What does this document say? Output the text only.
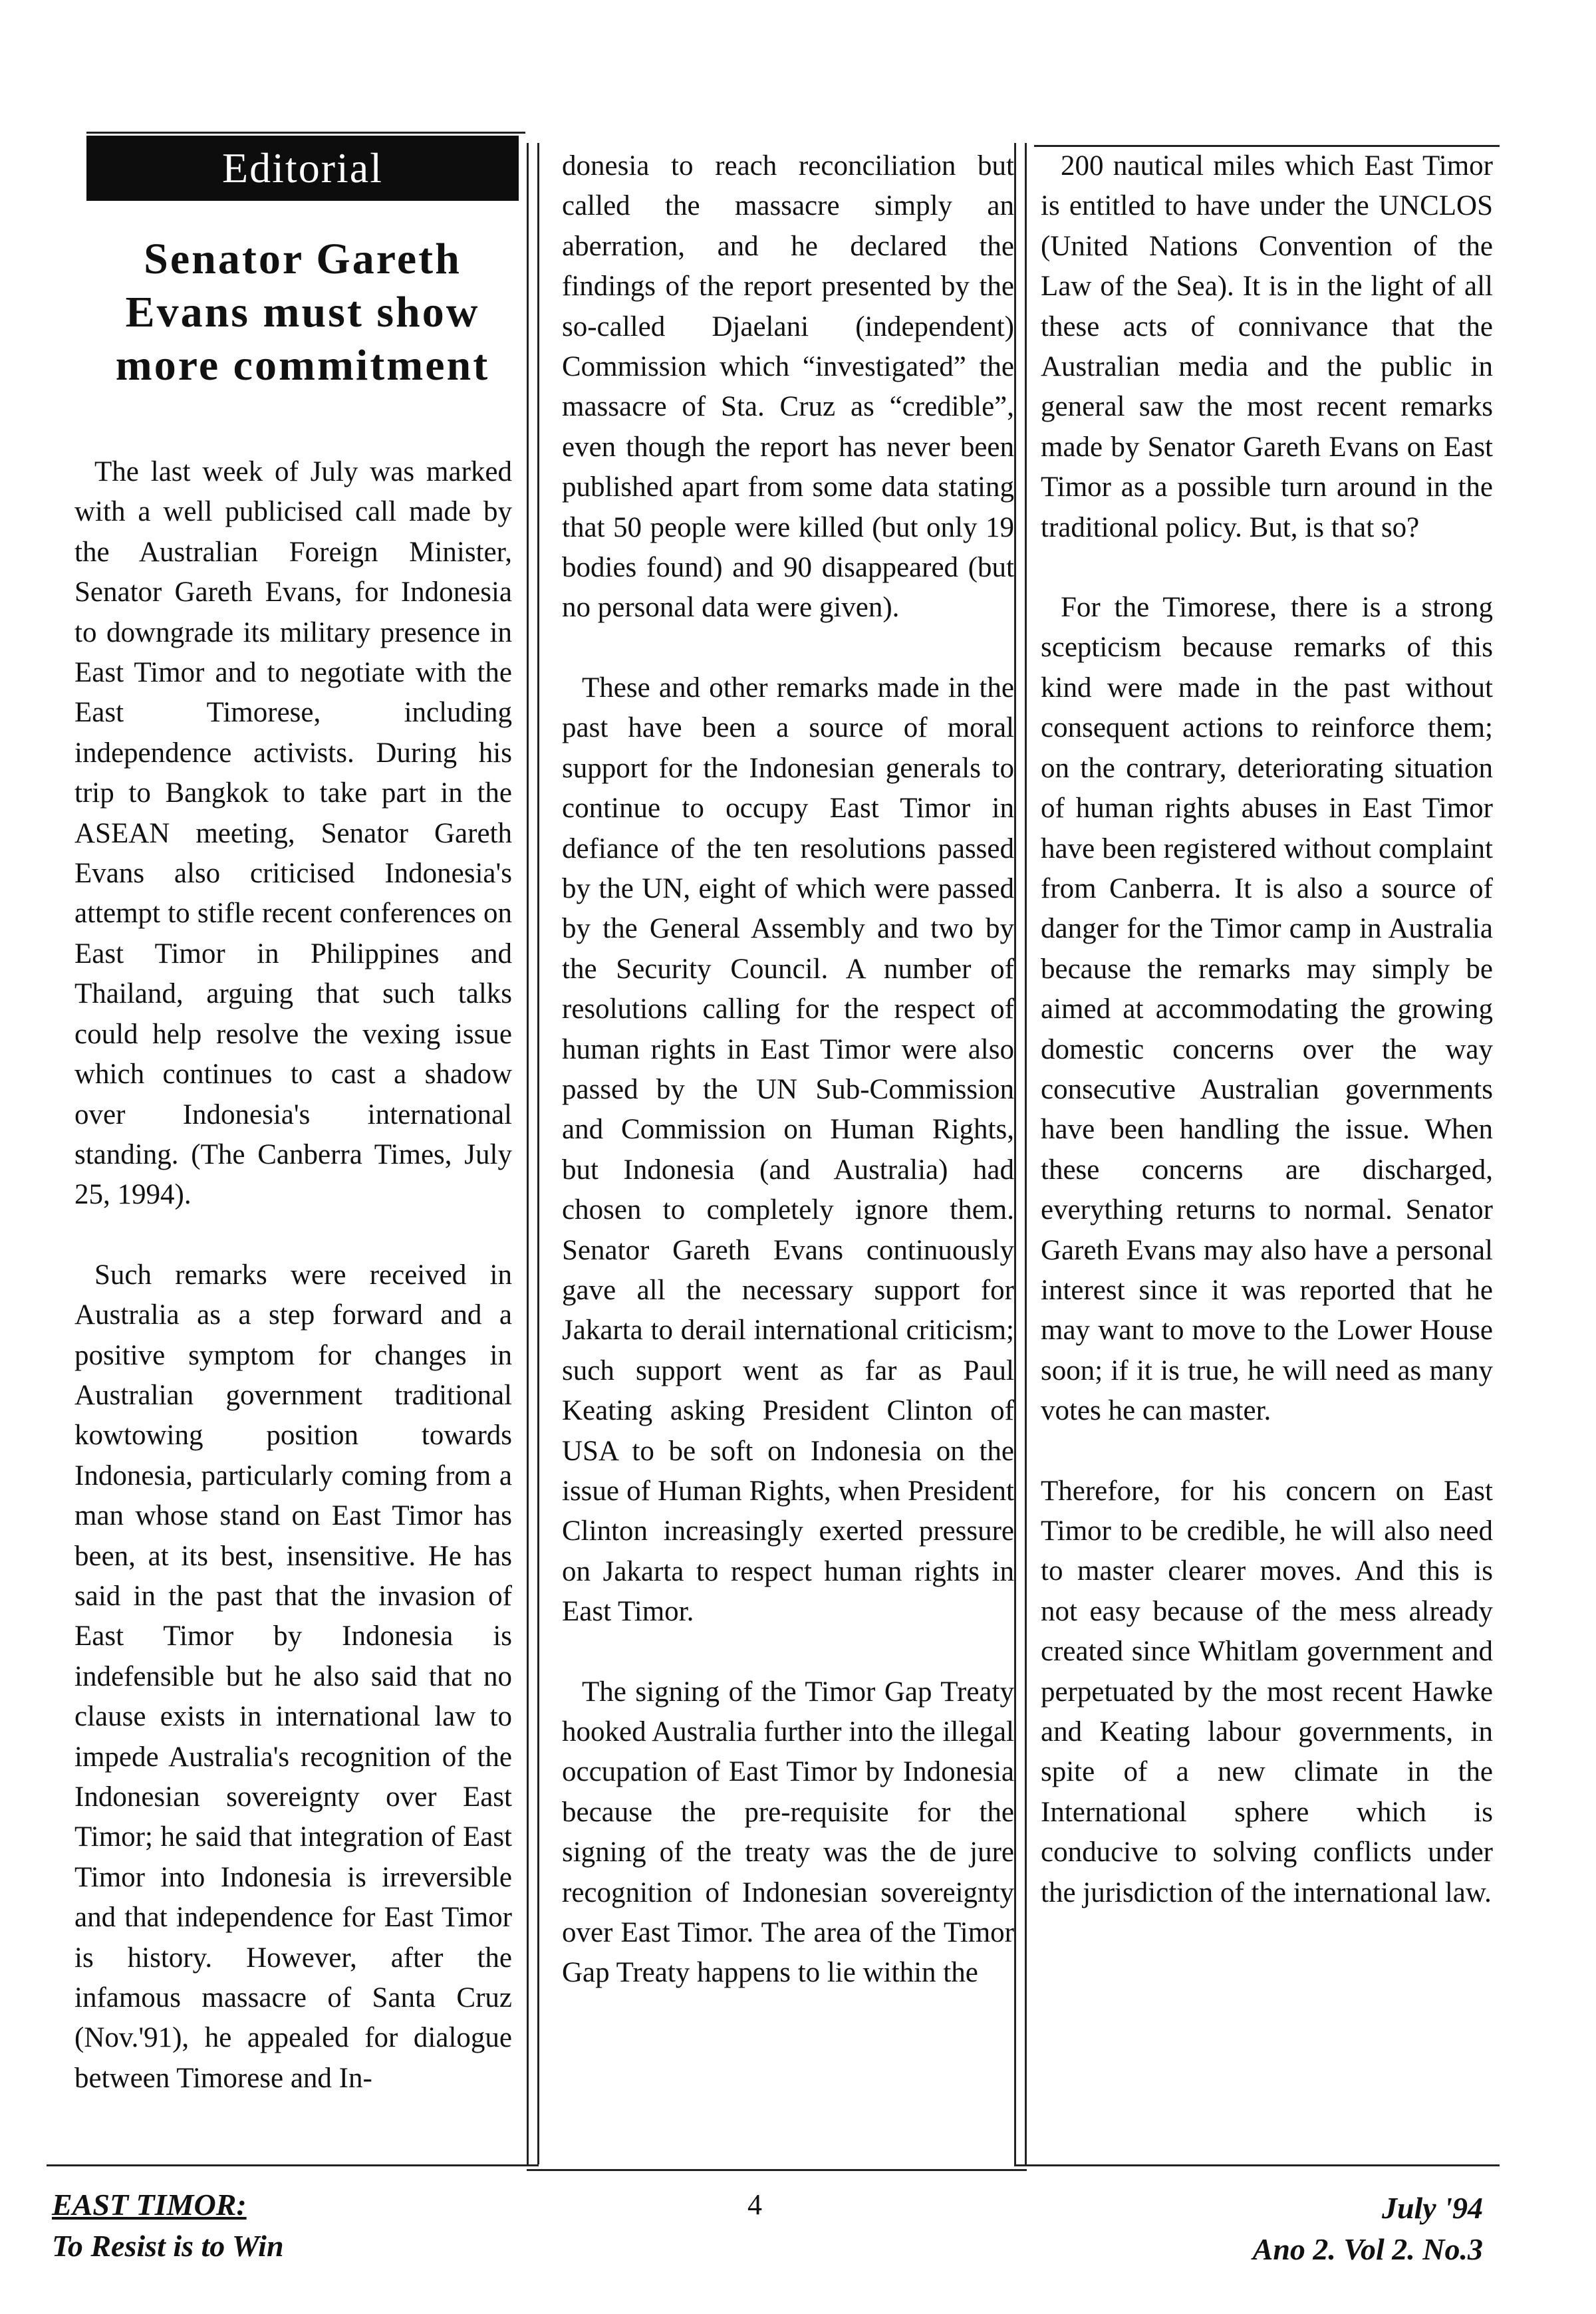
Editorial
Senator Gareth Evans must show more commitment

The last week of July was marked with a well publicised call made by the Australian Foreign Minister, Senator Gareth Evans, for Indonesia to downgrade its military presence in East Timor and to negotiate with the East Timorese, including independence activists. During his trip to Bangkok to take part in the ASEAN meeting, Senator Gareth Evans also criticised Indonesia's attempt to stifle recent conferences on East Timor in Philippines and Thailand, arguing that such talks could help resolve the vexing issue which continues to cast a shadow over Indonesia's international standing. (The Canberra Times, July 25, 1994).

Such remarks were received in Australia as a step forward and a positive symptom for changes in Australian government traditional kowtowing position towards Indonesia, particularly coming from a man whose stand on East Timor has been, at its best, insensitive. He has said in the past that the invasion of East Timor by Indonesia is indefensible but he also said that no clause exists in international law to impede Australia's recognition of the Indonesian sovereignty over East Timor; he said that integration of East Timor into Indonesia is irreversible and that independence for East Timor is history. However, after the infamous massacre of Santa Cruz (Nov.'91), he appealed for dialogue between Timorese and In-

donesia to reach reconciliation but called the massacre simply an aberration, and he declared the findings of the report presented by the so-called Djaelani (independent) Commission which “investigated” the massacre of Sta. Cruz as “credible”, even though the report has never been published apart from some data stating that 50 people were killed (but only 19 bodies found) and 90 disappeared (but no personal data were given).

These and other remarks made in the past have been a source of moral support for the Indonesian generals to continue to occupy East Timor in defiance of the ten resolutions passed by the UN, eight of which were passed by the General Assembly and two by the Security Council. A number of resolutions calling for the respect of human rights in East Timor were also passed by the UN Sub-Commission and Commission on Human Rights, but Indonesia (and Australia) had chosen to completely ignore them. Senator Gareth Evans continuously gave all the necessary support for Jakarta to derail international criticism; such support went as far as Paul Keating asking President Clinton of USA to be soft on Indonesia on the issue of Human Rights, when President Clinton increasingly exerted pressure on Jakarta to respect human rights in East Timor.

The signing of the Timor Gap Treaty hooked Australia further into the illegal occupation of East Timor by Indonesia because the pre-requisite for the signing of the treaty was the de jure recognition of Indonesian sovereignty over East Timor. The area of the Timor Gap Treaty happens to lie within the

200 nautical miles which East Timor is entitled to have under the UNCLOS (United Nations Convention of the Law of the Sea). It is in the light of all these acts of connivance that the Australian media and the public in general saw the most recent remarks made by Senator Gareth Evans on East Timor as a possible turn around in the traditional policy. But, is that so?

For the Timorese, there is a strong scepticism because remarks of this kind were made in the past without consequent actions to reinforce them; on the contrary, deteriorating situation of human rights abuses in East Timor have been registered without complaint from Canberra. It is also a source of danger for the Timor camp in Australia because the remarks may simply be aimed at accommodating the growing domestic concerns over the way consecutive Australian governments have been handling the issue. When these concerns are discharged, everything returns to normal. Senator Gareth Evans may also have a personal interest since it was reported that he may want to move to the Lower House soon; if it is true, he will need as many votes he can master.

Therefore, for his concern on East Timor to be credible, he will also need to master clearer moves. And this is not easy because of the mess already created since Whitlam government and perpetuated by the most recent Hawke and Keating labour governments, in spite of a new climate in the International sphere which is conducive to solving conflicts under the jurisdiction of the international law.

EAST TIMOR:
To Resist is to Win
4	July '94
Ano 2. Vol 2. No.3
